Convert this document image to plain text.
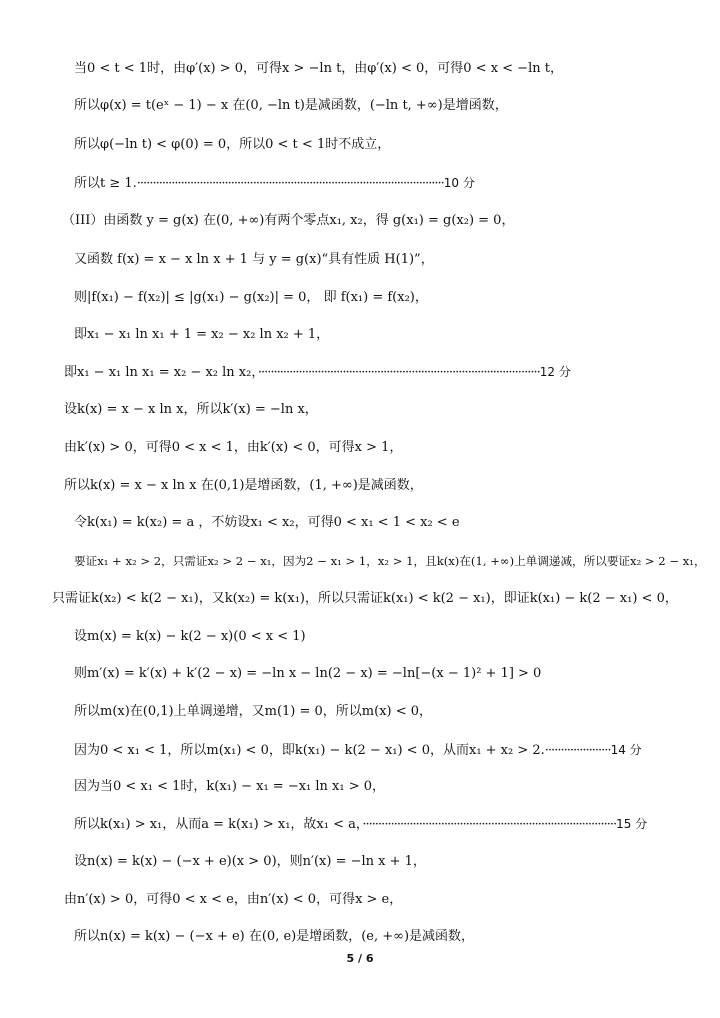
当0 < t < 1时，由φ′(x) > 0，可得x > −ln t，由φ′(x) < 0，可得0 < x < −ln t，
所以φ(x) = t(eˣ − 1) − x 在(0, −ln t)是减函数，(−ln t, +∞)是增函数，
所以φ(−ln t) < φ(0) = 0，所以0 < t < 1时不成立，
所以t ≥ 1.··································································································10 分
（III）由函数 y = g(x) 在(0, +∞)有两个零点x₁, x₂，得 g(x₁) = g(x₂) = 0，
又函数 f(x) = x − x ln x + 1 与 y = g(x)“具有性质 H(1)”，
则|f(x₁) − f(x₂)| ≤ |g(x₁) − g(x₂)| = 0， 即 f(x₁) = f(x₂)，
即x₁ − x₁ ln x₁ + 1 = x₂ − x₂ ln x₂ + 1，
即x₁ − x₁ ln x₁ = x₂ − x₂ ln x₂，··························································································12 分
设k(x) = x − x ln x，所以k′(x) = −ln x，
由k′(x) > 0，可得0 < x < 1，由k′(x) < 0，可得x > 1，
所以k(x) = x − x ln x 在(0,1)是增函数，(1, +∞)是减函数，
令k(x₁) = k(x₂) = a ，不妨设x₁ < x₂，可得0 < x₁ < 1 < x₂ < e
要证x₁ + x₂ > 2，只需证x₂ > 2 − x₁，因为2 − x₁ > 1，x₂ > 1，且k(x)在(1, +∞)上单调递减，所以要证x₂ > 2 − x₁，
只需证k(x₂) < k(2 − x₁)，又k(x₂) = k(x₁)，所以只需证k(x₁) < k(2 − x₁)，即证k(x₁) − k(2 − x₁) < 0，
设m(x) = k(x) − k(2 − x)(0 < x < 1)
则m′(x) = k′(x) + k′(2 − x) = −ln x − ln(2 − x) = −ln[−(x − 1)² + 1] > 0
所以m(x)在(0,1)上单调递增，又m(1) = 0，所以m(x) < 0，
因为0 < x₁ < 1，所以m(x₁) < 0，即k(x₁) − k(2 − x₁) < 0，从而x₁ + x₂ > 2.·····················14 分
因为当0 < x₁ < 1时，k(x₁) − x₁ = −x₁ ln x₁ > 0，
所以k(x₁) > x₁，从而a = k(x₁) > x₁，故x₁ < a，·················································································15 分
设n(x) = k(x) − (−x + e)(x > 0)，则n′(x) = −ln x + 1，
由n′(x) > 0，可得0 < x < e，由n′(x) < 0，可得x > e，
所以n(x) = k(x) − (−x + e) 在(0, e)是增函数，(e, +∞)是减函数，
5 / 6
